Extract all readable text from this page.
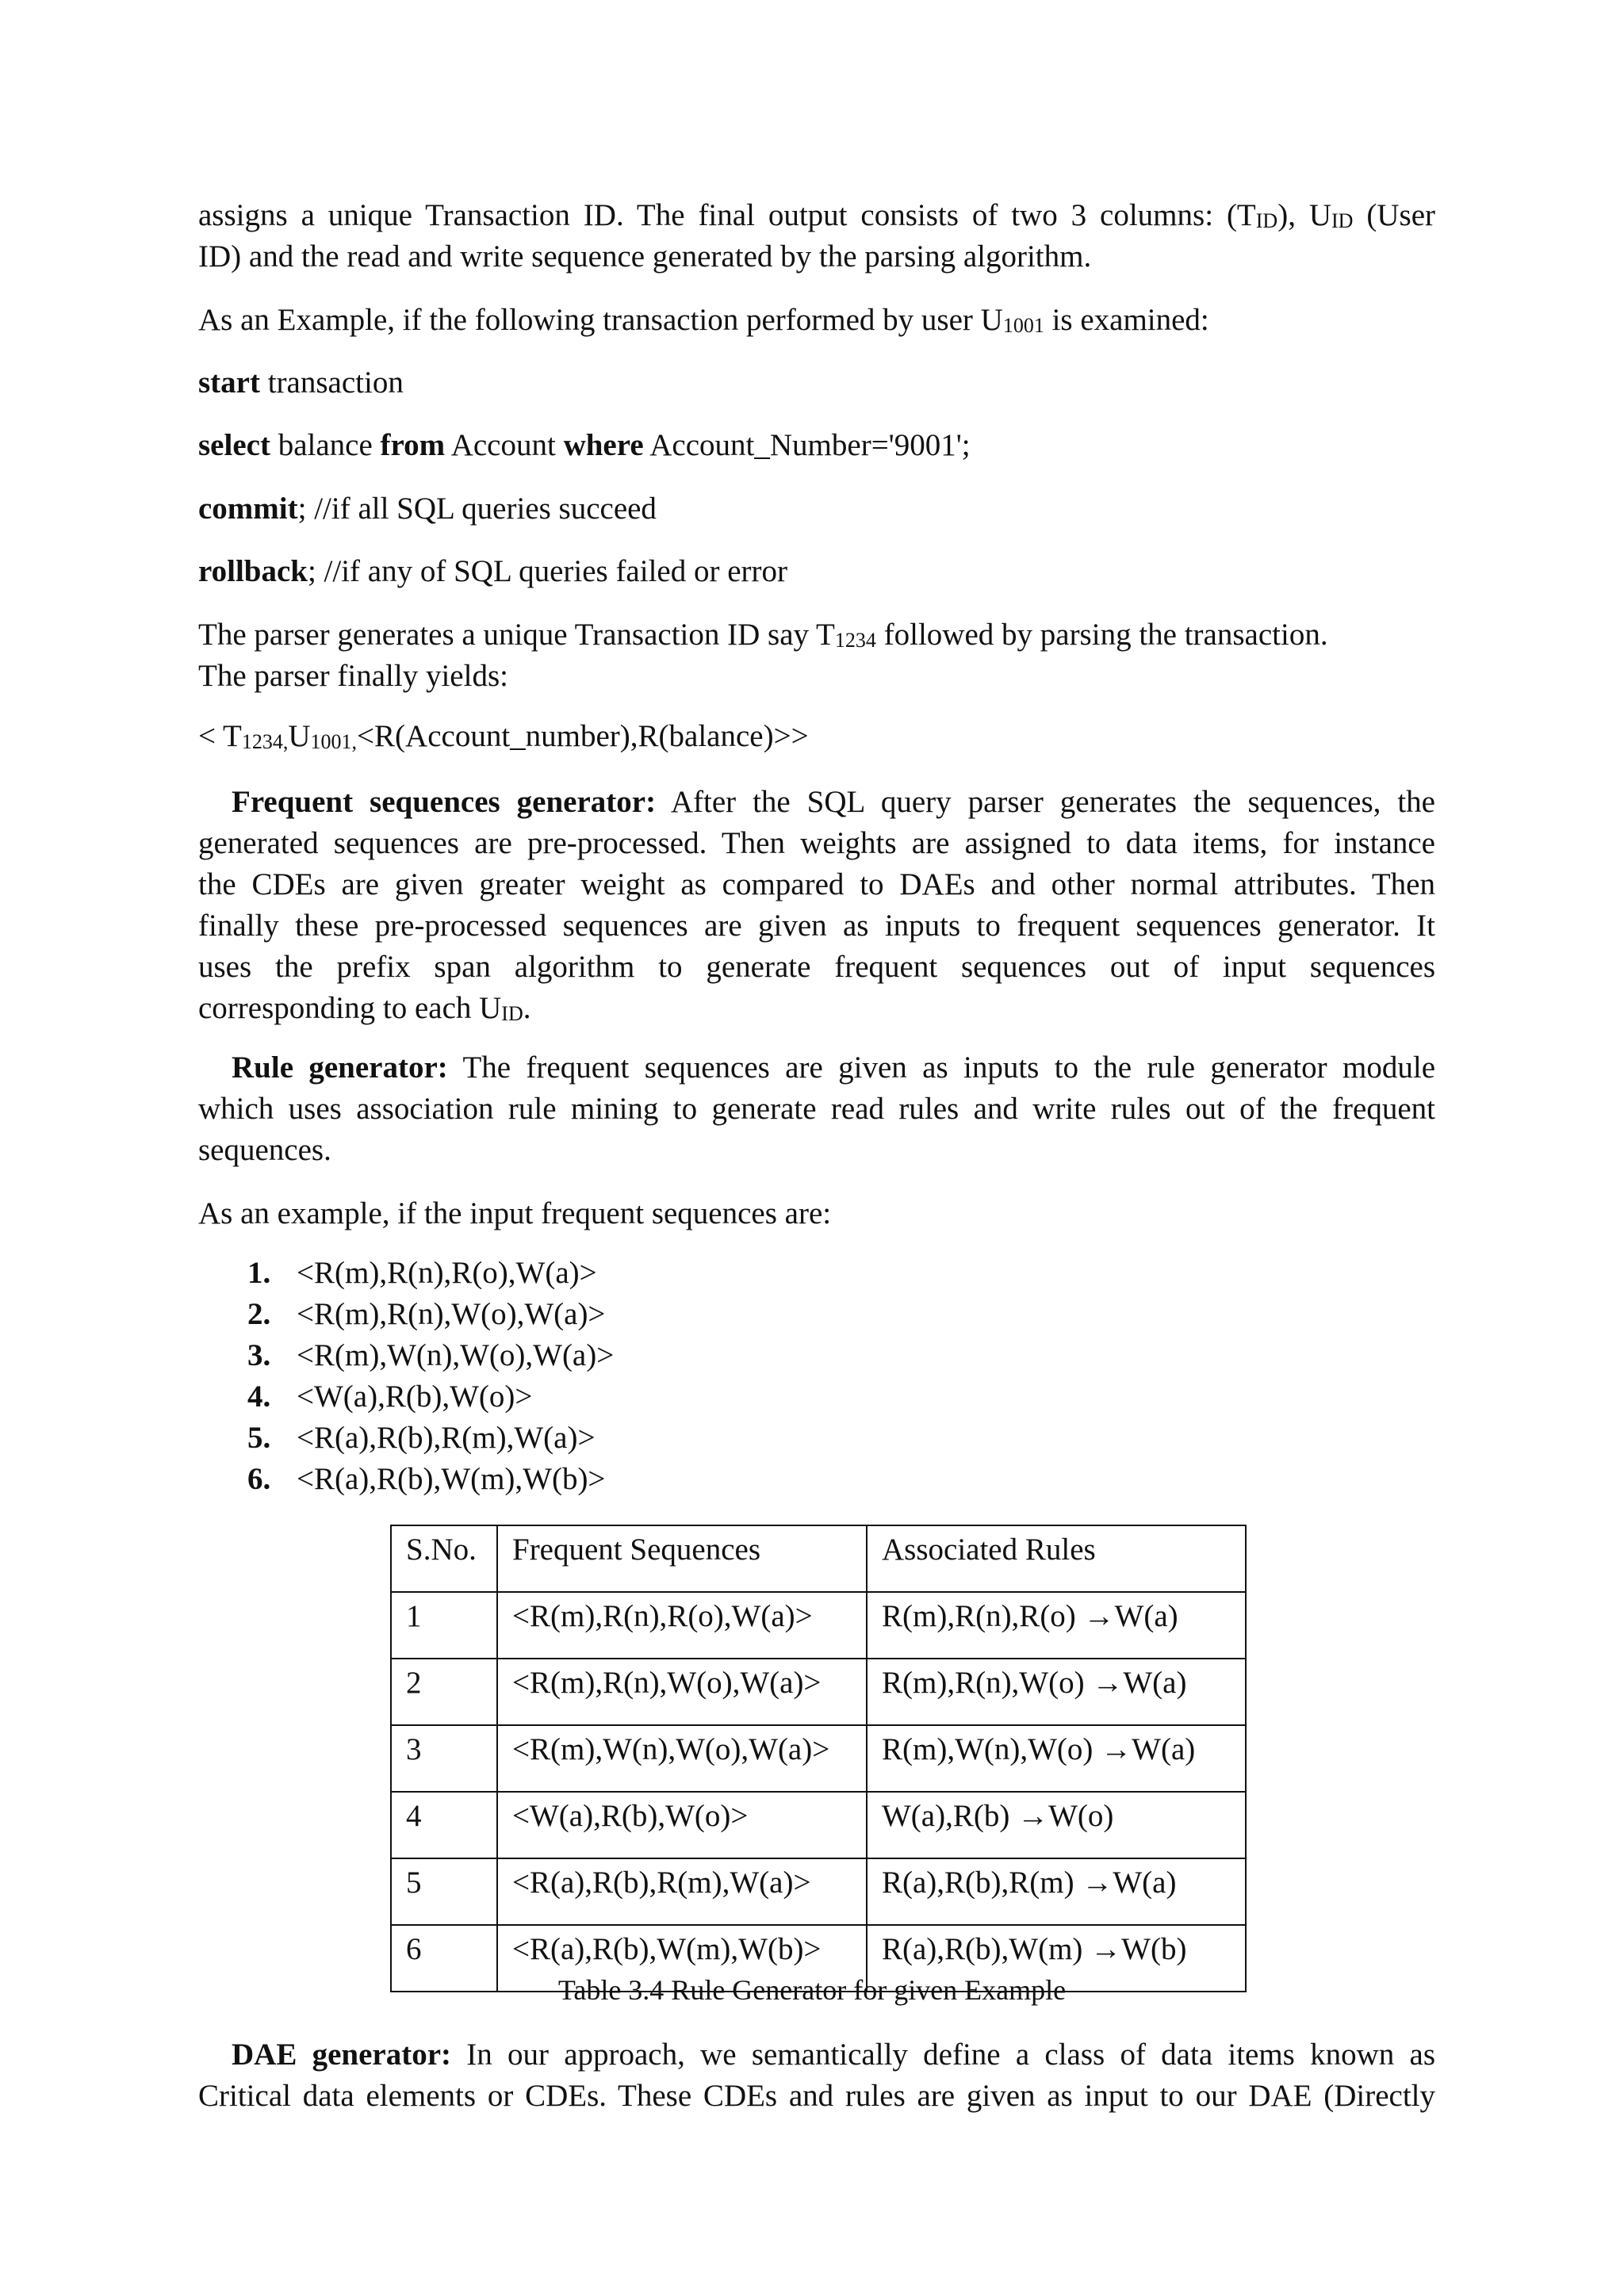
assigns a unique Transaction ID. The final output consists of two 3 columns: $(T_{ID})$, $U_{ID}$ (User
ID) and the read and write sequence generated by the parsing algorithm.
As an Example, if the following transaction performed by user $U_{1001}$ is examined:
start transaction
select balance from Account where Account_Number='9001';
commit; //if all SQL queries succeed
rollback; //if any of SQL queries failed or error
The parser generates a unique Transaction ID say $T_{1234}$ followed by parsing the transaction.
The parser finally yields:
< $T_{1234,}U_{1001,}<R(Account\_number),R(balance)>>$
Frequent sequences generator: After the SQL query parser generates the sequences, the
generated sequences are pre-processed. Then weights are assigned to data items, for instance
the CDEs are given greater weight as compared to DAEs and other normal attributes. Then
finally these pre-processed sequences are given as inputs to frequent sequences generator. It
uses the prefix span algorithm to generate frequent sequences out of input sequences
corresponding to each $U_{ID}$.
Rule generator: The frequent sequences are given as inputs to the rule generator module
which uses association rule mining to generate read rules and write rules out of the frequent
sequences.
As an example, if the input frequent sequences are:
1. <R(m),R(n),R(o),W(a)>
2. <R(m),R(n),W(o),W(a)>
3. <R(m),W(n),W(o),W(a)>
4. <W(a),R(b),W(o)>
5. <R(a),R(b),R(m),W(a)>
6. <R(a),R(b),W(m),W(b)>
S.No.	Frequent Sequences	Associated Rules
1	<R(m),R(n),R(o),W(a)>	R(m),R(n),R(o) →W(a)
2	<R(m),R(n),W(o),W(a)>	R(m),R(n),W(o) →W(a)
3	<R(m),W(n),W(o),W(a)>	R(m),W(n),W(o) →W(a)
4	<W(a),R(b),W(o)>	W(a),R(b) →W(o)
5	<R(a),R(b),R(m),W(a)>	R(a),R(b),R(m) →W(a)
6	<R(a),R(b),W(m),W(b)>	R(a),R(b),W(m) →W(b)
Table 3.4 Rule Generator for given Example
DAE generator: In our approach, we semantically define a class of data items known as
Critical data elements or CDEs. These CDEs and rules are given as input to our DAE (Directly
